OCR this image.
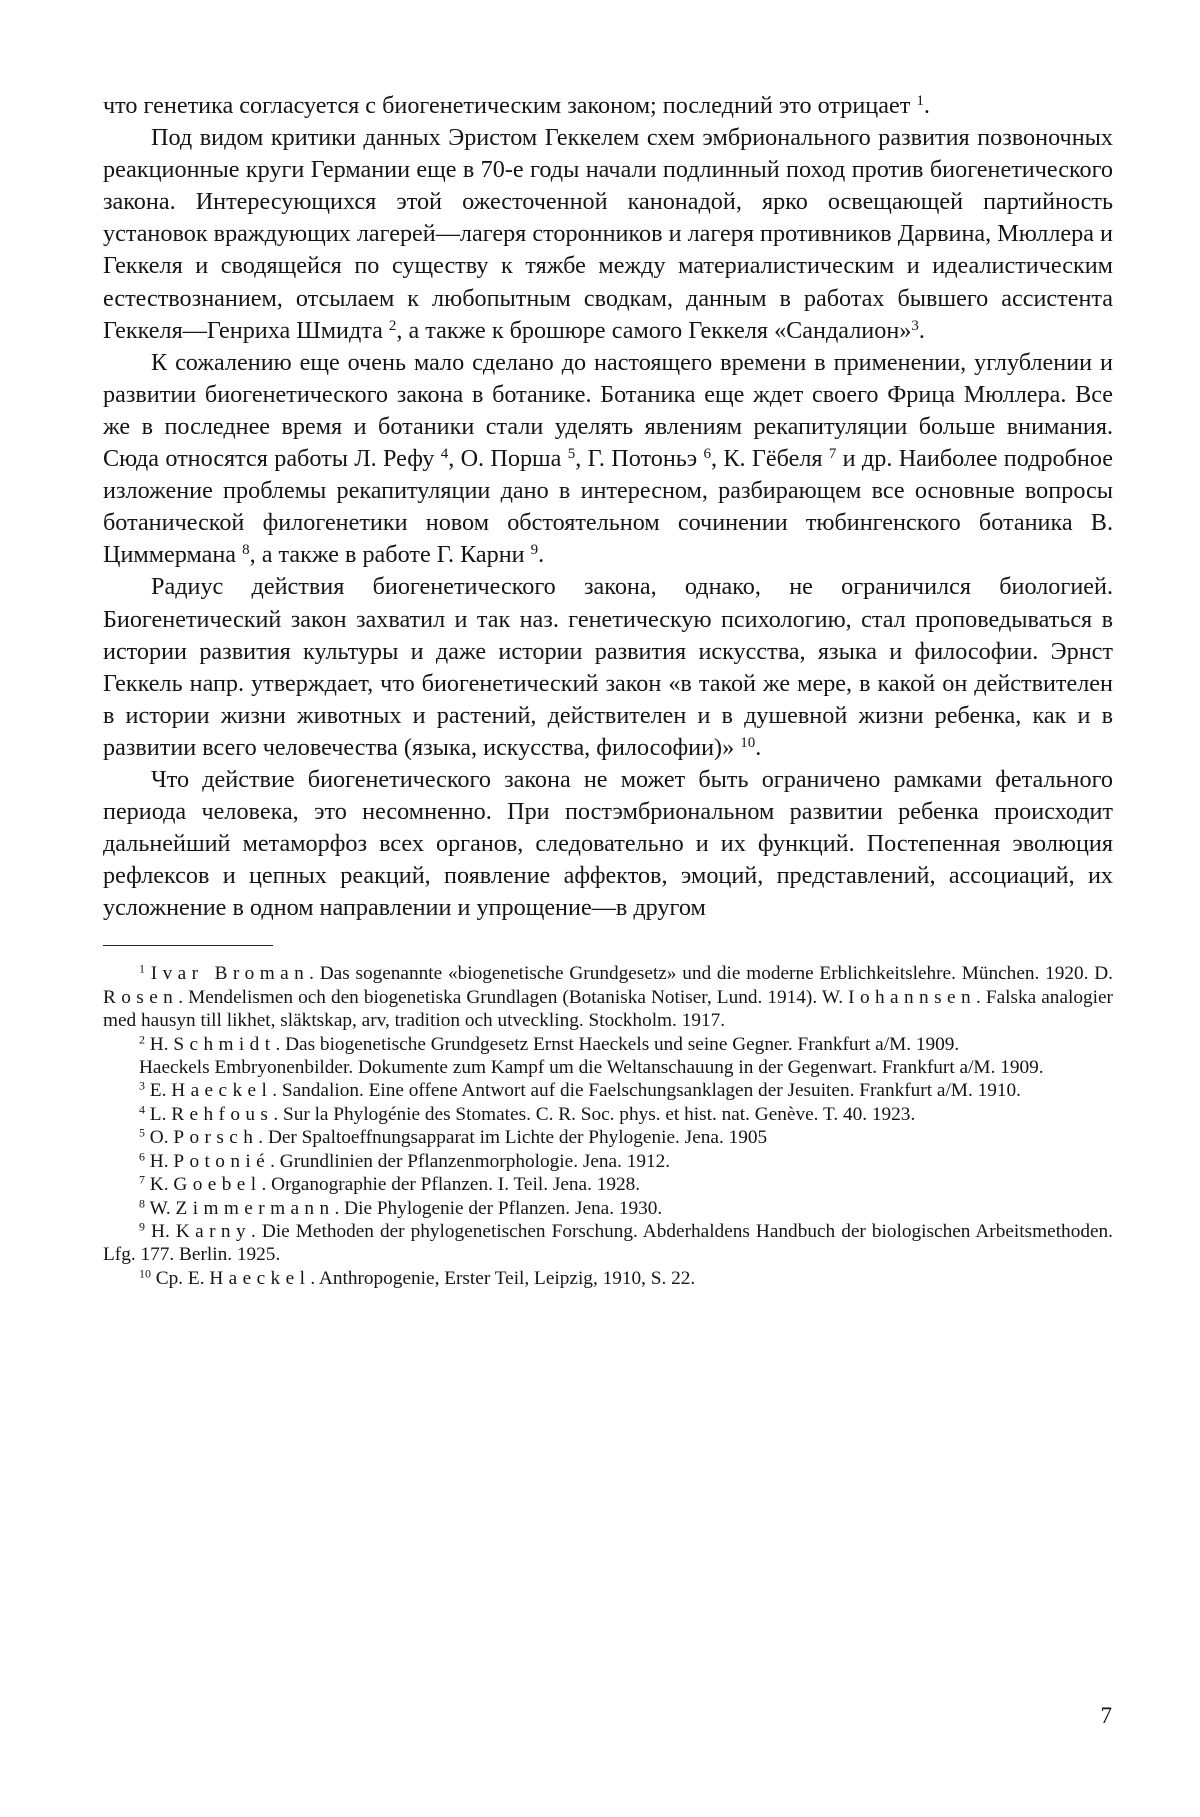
что генетика согласуется с биогенетическим законом; последний это отрицает $^1$.

Под видом критики данных Эристом Геккелем схем эмбрионального развития позвоночных реакционные круги Германии еще в 70-е годы начали подлинный поход против биогенетического закона. Интересующихся этой ожесточенной канонадой, ярко освещающей партийность установок враждующих лагерей—лагеря сторонников и лагеря противников Дарвина, Мюллера и Геккеля и сводящейся по существу к тяжбе между материалистическим и идеалистическим естествознанием, отсылаем к любопытным сводкам, данным в работах бывшего ассистента Геккеля—Генриха Шмидта $^2$, а также к брошюре самого Геккеля «Сандалион»$^3$.

К сожалению еще очень мало сделано до настоящего времени в применении, углублении и развитии биогенетического закона в ботанике. Ботаника еще ждет своего Фрица Мюллера. Все же в последнее время и ботаники стали уделять явлениям рекапитуляции больше внимания. Сюда относятся работы Л. Рефу $^4$, О. Порша $^5$, Г. Потоньэ $^6$, К. Гёбеля $^7$ и др. Наиболее подробное изложение проблемы рекапитуляции дано в интересном, разбирающем все основные вопросы ботанической филогенетики новом обстоятельном сочинении тюбингенского ботаника В. Циммермана $^8$, а также в работе Г. Карни $^9$.

Радиус действия биогенетического закона, однако, не ограничился биологией. Биогенетический закон захватил и так наз. генетическую психологию, стал проповедываться в истории развития культуры и даже истории развития искусства, языка и философии. Эрнст Геккель напр. утверждает, что биогенетический закон «в такой же мере, в какой он действителен в истории жизни животных и растений, действителен и в душевной жизни ребенка, как и в развитии всего человечества (языка, искусства, философии)» $^{10}$.

Что действие биогенетического закона не может быть ограничено рамками фетального периода человека, это несомненно. При постэмбриональном развитии ребенка происходит дальнейший метаморфоз всех органов, следовательно и их функций. Постепенная эволюция рефлексов и цепных реакций, появление аффектов, эмоций, представлений, ассоциаций, их усложнение в одном направлении и упрощение—в другом

$^1$ Ivar Broman. Das sogenannte «biogenetische Grundgesetz» und die moderne Erblichkeitslehre. München. 1920. D. Rosen. Mendelismen och den biogenetiska Grundlagen (Botaniska Notiser, Lund. 1914). W. Iohannsen. Falska analogier med hausyn till likhet, släktskap, arv, tradition och utveckling. Stockholm. 1917.

$^2$ H. Schmidt. Das biogenetische Grundgesetz Ernst Haeckels und seine Gegner. Frankfurt a/M. 1909.

Haeckels Embryonenbilder. Dokumente zum Kampf um die Weltanschauung in der Gegenwart. Frankfurt a/M. 1909.

$^3$ E. Haeckel. Sandalion. Eine offene Antwort auf die Faelschungsanklagen der Jesuiten. Frankfurt a/M. 1910.

$^4$ L. Rehfous. Sur la Phylogénie des Stomates. C. R. Soc. phys. et hist. nat. Genève. T. 40. 1923.

$^5$ O. Porsch. Der Spaltoeffnungsapparat im Lichte der Phylogenie. Jena. 1905

$^6$ H. Potonié. Grundlinien der Pflanzenmorphologie. Jena. 1912.

$^7$ K. Goebel. Organographie der Pflanzen. I. Teil. Jena. 1928.

$^8$ W. Zimmermann. Die Phylogenie der Pflanzen. Jena. 1930.

$^9$ H. Karny. Die Methoden der phylogenetischen Forschung. Abderhaldens Handbuch der biologischen Arbeitsmethoden. Lfg. 177. Berlin. 1925.

$^{10}$ Cp. E. Haeckel. Anthropogenie, Erster Teil, Leipzig, 1910, S. 22.

7
